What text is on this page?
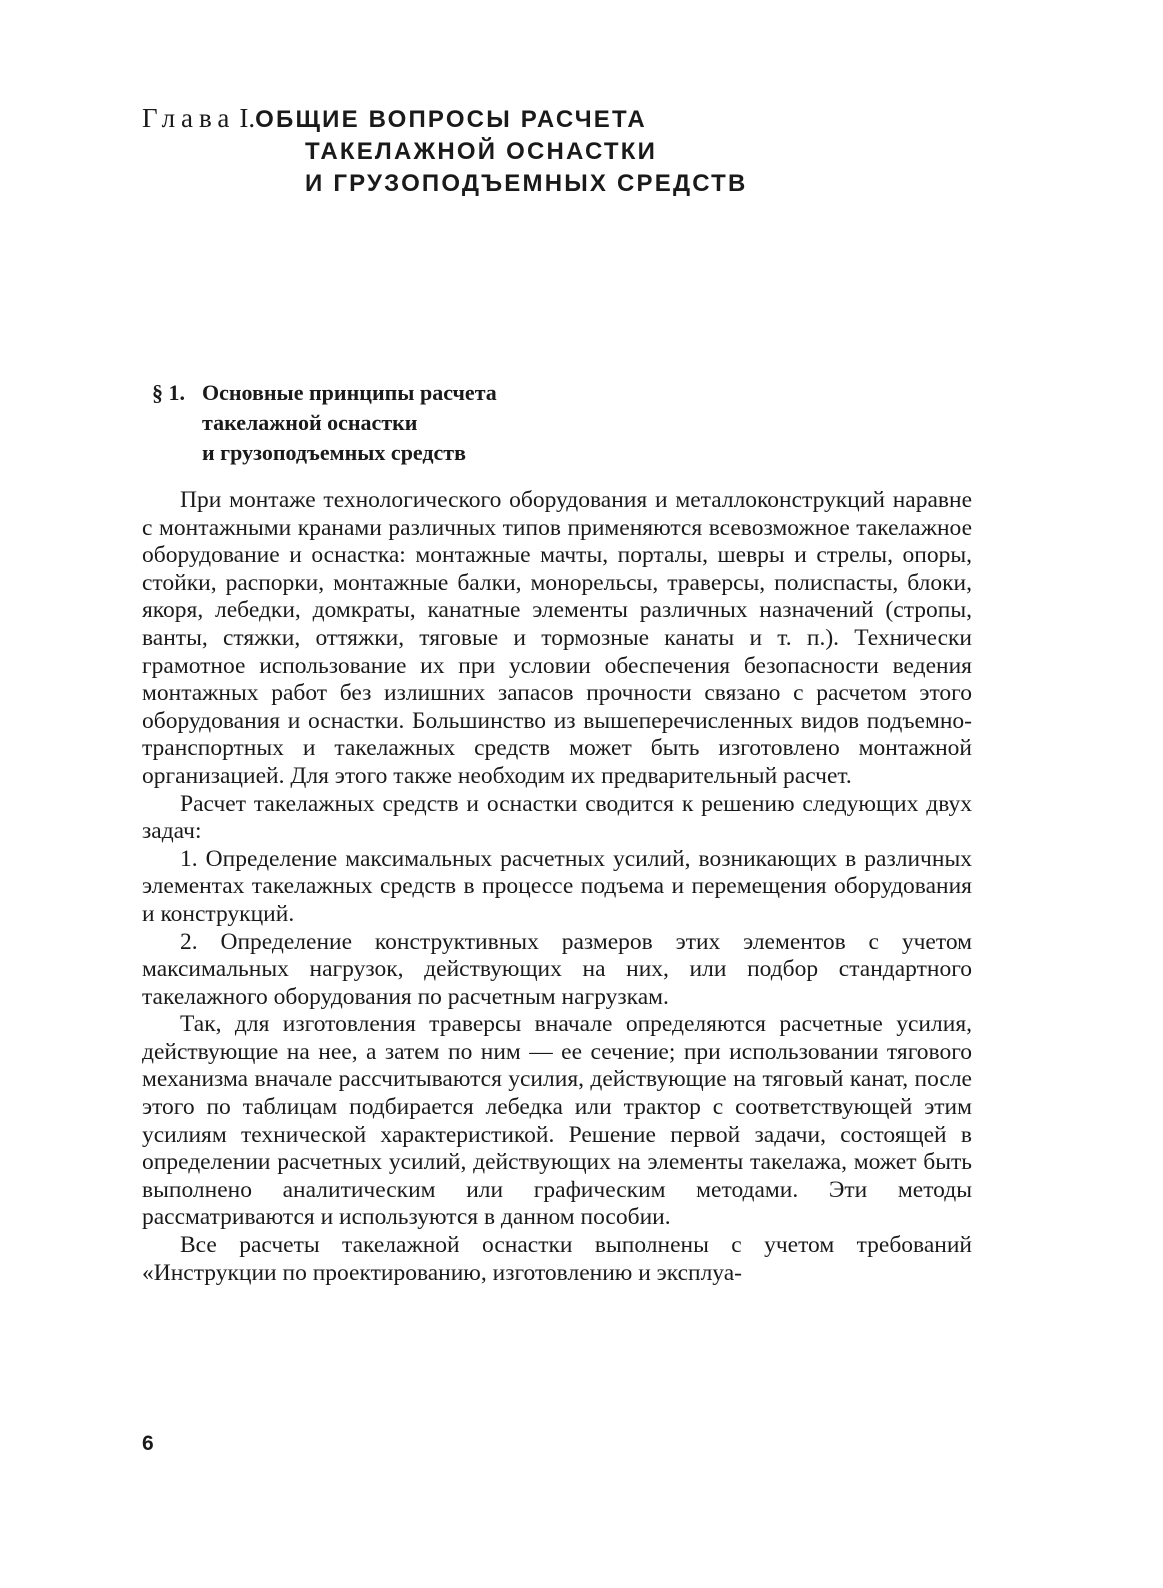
Глава I. ОБЩИЕ ВОПРОСЫ РАСЧЕТА
ТАКЕЛАЖНОЙ ОСНАСТКИ
И ГРУЗОПОДЪЕМНЫХ СРЕДСТВ
§ 1. Основные принципы расчета
такелажной оснастки
и грузоподъемных средств

При монтаже технологического оборудования и металлоконструкций наравне с монтажными кранами различных типов применяются всевозможное такелажное оборудование и оснастка: монтажные мачты, порталы, шевры и стрелы, опоры, стойки, распорки, монтажные балки, монорельсы, траверсы, полиспасты, блоки, якоря, лебедки, домкраты, канатные элементы различных назначений (стропы, ванты, стяжки, оттяжки, тяговые и тормозные канаты и т. п.). Технически грамотное использование их при условии обеспечения безопасности ведения монтажных работ без излишних запасов прочности связано с расчетом этого оборудования и оснастки. Большинство из вышеперечисленных видов подъемно-транспортных и такелажных средств может быть изготовлено монтажной организацией. Для этого также необходим их предварительный расчет.

Расчет такелажных средств и оснастки сводится к решению следующих двух задач:

1. Определение максимальных расчетных усилий, возникающих в различных элементах такелажных средств в процессе подъема и перемещения оборудования и конструкций.

2. Определение конструктивных размеров этих элементов с учетом максимальных нагрузок, действующих на них, или подбор стандартного такелажного оборудования по расчетным нагрузкам.

Так, для изготовления траверсы вначале определяются расчетные усилия, действующие на нее, а затем по ним — ее сечение; при использовании тягового механизма вначале рассчитываются усилия, действующие на тяговый канат, после этого по таблицам подбирается лебедка или трактор с соответствующей этим усилиям технической характеристикой. Решение первой задачи, состоящей в определении расчетных усилий, действующих на элементы такелажа, может быть выполнено аналитическим или графическим методами. Эти методы рассматриваются и используются в данном пособии.

Все расчеты такелажной оснастки выполнены с учетом требований «Инструкции по проектированию, изготовлению и эксплуа-

6
